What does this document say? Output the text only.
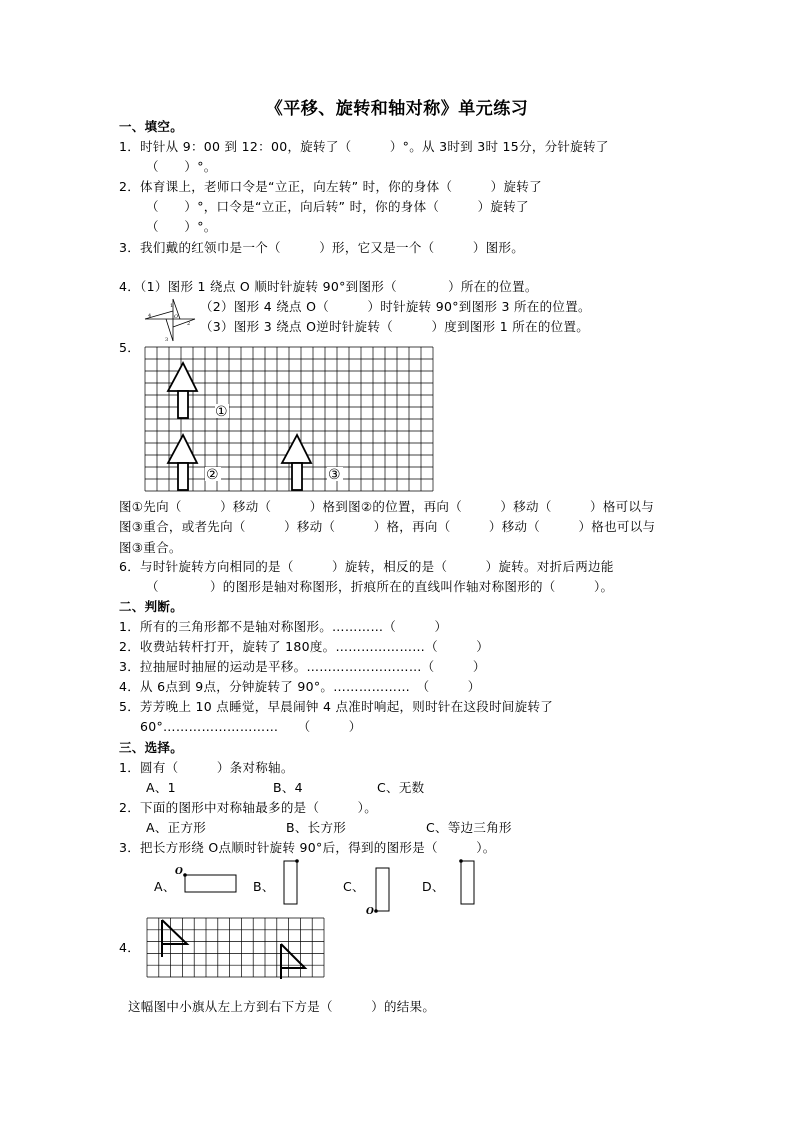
《平移、旋转和轴对称》单元练习
一、填空。
1．时针从 9：00 到 12：00，旋转了（　　　）°。从 3时到 3时 15分，分针旋转了
（　　）°。
2．体育课上，老师口令是“立正，向左转” 时，你的身体（　　　）旋转了
（　　）°，口令是“立正，向后转” 时，你的身体（　　　）旋转了
（　　）°。
3．我们戴的红领巾是一个（　　　）形，它又是一个（　　　）图形。
4．（1）图形 1 绕点 O 顺时针旋转 90°到图形（　　　　）所在的位置。
（2）图形 4 绕点 O（　　　）时针旋转 90°到图形 3 所在的位置。
（3）图形 3 绕点 O逆时针旋转（　　　）度到图形 1 所在的位置。
1
2
3
4	O
5．
①
②	③
图①先向（　　　）移动（　　　）格到图②的位置，再向（　　　）移动（　　　）格可以与
图③重合，或者先向（　　　）移动（　　　）格，再向（　　　）移动（　　　）格也可以与
图③重合。
6．与时针旋转方向相同的是（　　　）旋转，相反的是（　　　）旋转。对折后两边能
（　　　　）的图形是轴对称图形，折痕所在的直线叫作轴对称图形的（　　　）。
二、判断。
1．所有的三角形都不是轴对称图形。…………（　　　）
2．收费站转杆打开，旋转了 180度。…………………（　　　）
3．拉抽屉时抽屉的运动是平移。………………………（　　　）
4．从 6点到 9点，分钟旋转了 90°。………………　（　　　）
5．芳芳晚上 10 点睡觉，早晨闹钟 4 点准时响起，则时针在这段时间旋转了
60°………………………　　（　　　）
三、选择。
1．圆有（　　　）条对称轴。
A、1	B、4	C、无数
2．下面的图形中对称轴最多的是（　　　）。
A、正方形	B、长方形	C、等边三角形
3．把长方形绕 O点顺时针旋转 90°后，得到的图形是（　　　）。
A、	B、	C、	D、
O
O
4．
这幅图中小旗从左上方到右下方是（　　　）的结果。
